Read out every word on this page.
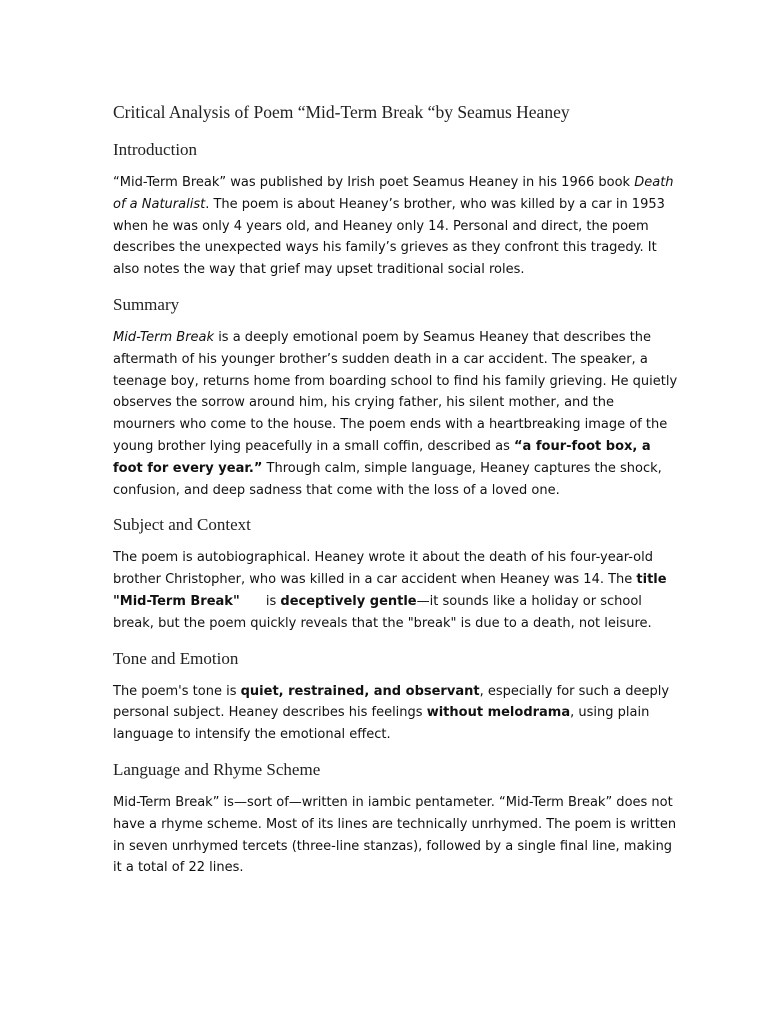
Critical Analysis of Poem “Mid-Term Break “by Seamus Heaney
Introduction

“Mid-Term Break” was published by Irish poet Seamus Heaney in his 1966 book Death of a Naturalist. The poem is about Heaney’s brother, who was killed by a car in 1953 when he was only 4 years old, and Heaney only 14. Personal and direct, the poem describes the unexpected ways his family’s grieves as they confront this tragedy. It also notes the way that grief may upset traditional social roles.

Summary

Mid-Term Break is a deeply emotional poem by Seamus Heaney that describes the aftermath of his younger brother’s sudden death in a car accident. The speaker, a teenage boy, returns home from boarding school to find his family grieving. He quietly observes the sorrow around him, his crying father, his silent mother, and the mourners who come to the house. The poem ends with a heartbreaking image of the young brother lying peacefully in a small coffin, described as “a four-foot box, a foot for every year.” Through calm, simple language, Heaney captures the shock, confusion, and deep sadness that come with the loss of a loved one.

Subject and Context

The poem is autobiographical. Heaney wrote it about the death of his four-year-old brother Christopher, who was killed in a car accident when Heaney was 14. The title "Mid-Term Break" is deceptively gentle—it sounds like a holiday or school break, but the poem quickly reveals that the "break" is due to a death, not leisure.

Tone and Emotion

The poem's tone is quiet, restrained, and observant, especially for such a deeply personal subject. Heaney describes his feelings without melodrama, using plain language to intensify the emotional effect.

Language and Rhyme Scheme

Mid-Term Break” is—sort of—written in iambic pentameter. “Mid-Term Break” does not have a rhyme scheme. Most of its lines are technically unrhymed. The poem is written in seven unrhymed tercets (three-line stanzas), followed by a single final line, making it a total of 22 lines.
